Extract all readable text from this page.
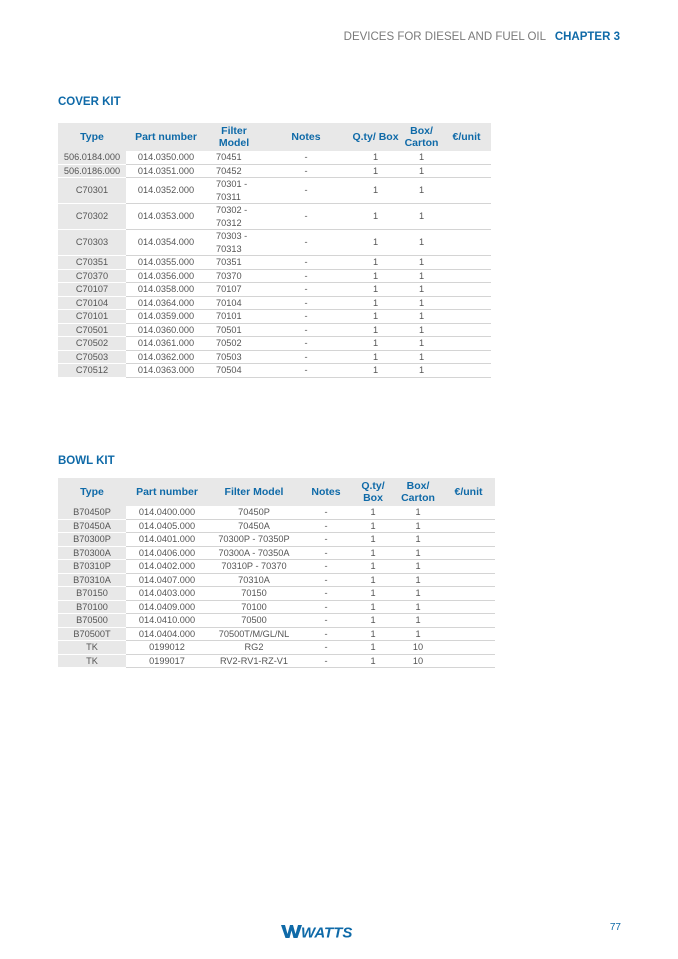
DEVICES FOR DIESEL AND FUEL OIL CHAPTER 3
COVER KIT
Type	Part number	Filter Model	Notes	Q.ty/ Box	Box/ Carton	€/unit
506.0184.000	014.0350.000	70451	-	1	1	
506.0186.000	014.0351.000	70452	-	1	1	
C70301	014.0352.000	70301 - 70311	-	1	1	
C70302	014.0353.000	70302 - 70312	-	1	1	
C70303	014.0354.000	70303 - 70313	-	1	1	
C70351	014.0355.000	70351	-	1	1	
C70370	014.0356.000	70370	-	1	1	
C70107	014.0358.000	70107	-	1	1	
C70104	014.0364.000	70104	-	1	1	
C70101	014.0359.000	70101	-	1	1	
C70501	014.0360.000	70501	-	1	1	
C70502	014.0361.000	70502	-	1	1	
C70503	014.0362.000	70503	-	1	1	
C70512	014.0363.000	70504	-	1	1	
BOWL KIT
Type	Part number	Filter Model	Notes	Q.ty/ Box	Box/ Carton	€/unit
B70450P	014.0400.000	70450P	-	1	1	
B70450A	014.0405.000	70450A	-	1	1	
B70300P	014.0401.000	70300P - 70350P	-	1	1	
B70300A	014.0406.000	70300A - 70350A	-	1	1	
B70310P	014.0402.000	70310P - 70370	-	1	1	
B70310A	014.0407.000	70310A	-	1	1	
B70150	014.0403.000	70150	-	1	1	
B70100	014.0409.000	70100	-	1	1	
B70500	014.0410.000	70500	-	1	1	
B70500T	014.0404.000	70500T/M/GL/NL	-	1	1	
TK	0199012	RG2	-	1	10	
TK	0199017	RV2-RV1-RZ-V1	-	1	10	
WATTS	77
